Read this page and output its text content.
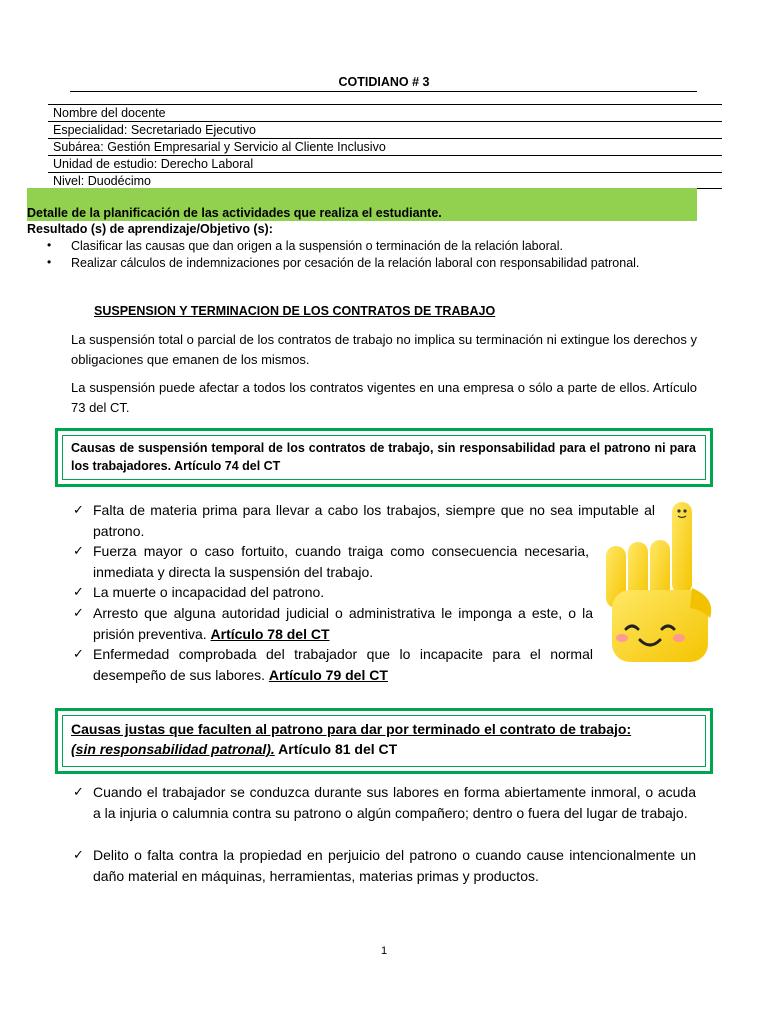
COTIDIANO # 3
Nombre del docente
Especialidad: Secretariado Ejecutivo
Subárea: Gestión Empresarial y Servicio al Cliente Inclusivo
Unidad de estudio: Derecho Laboral
Nivel: Duodécimo
Detalle de la planificación de las actividades que realiza el estudiante.
Resultado (s) de aprendizaje/Objetivo (s):
• Clasificar las causas que dan origen a la suspensión o terminación de la relación laboral.
• Realizar cálculos de indemnizaciones por cesación de la relación laboral con responsabilidad patronal.
SUSPENSION Y TERMINACION DE LOS CONTRATOS DE TRABAJO
La suspensión total o parcial de los contratos de trabajo no implica su terminación ni extingue los derechos y obligaciones que emanen de los mismos.
La suspensión puede afectar a todos los contratos vigentes en una empresa o sólo a parte de ellos. Artículo 73 del CT.
Causas de suspensión temporal de los contratos de trabajo, sin responsabilidad para el patrono ni para los trabajadores. Artículo 74 del CT
✓ Falta de materia prima para llevar a cabo los trabajos, siempre que no sea imputable al patrono.
✓ Fuerza mayor o caso fortuito, cuando traiga como consecuencia necesaria, inmediata y directa la suspensión del trabajo.
✓ La muerte o incapacidad del patrono.
✓ Arresto que alguna autoridad judicial o administrativa le imponga a este, o la prisión preventiva. Artículo 78 del CT
✓ Enfermedad comprobada del trabajador que lo incapacite para el normal desempeño de sus labores. Artículo 79 del CT
Causas justas que faculten al patrono para dar por terminado el contrato de trabajo:
(sin responsabilidad patronal). Artículo 81 del CT
✓ Cuando el trabajador se conduzca durante sus labores en forma abiertamente inmoral, o acuda a la injuria o calumnia contra su patrono o algún compañero; dentro o fuera del lugar de trabajo.
✓ Delito o falta contra la propiedad en perjuicio del patrono o cuando cause intencionalmente un daño material en máquinas, herramientas, materias primas y productos.
1
